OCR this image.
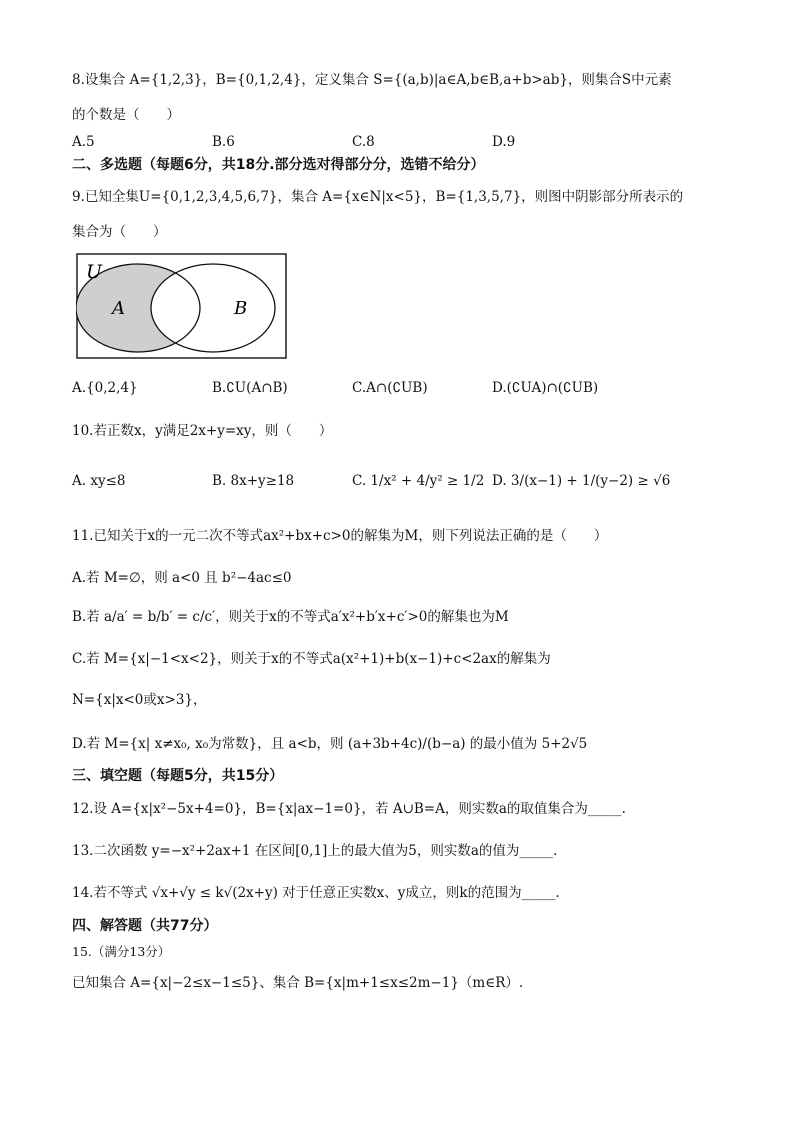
8.设集合 A={1,2,3}，B={0,1,2,4}，定义集合 S={(a,b)|a∈A,b∈B,a+b>ab}，则集合S中元素
的个数是（　　）
A.5	B.6	C.8	D.9
二、多选题（每题6分，共18分.部分选对得部分分，选错不给分）
9.已知全集U={0,1,2,3,4,5,6,7}，集合 A={x∈N|x<5}，B={1,3,5,7}，则图中阴影部分所表示的
集合为（　　）
U
A	B
A.{0,2,4}	B.∁U(A∩B)	C.A∩(∁UB)	D.(∁UA)∩(∁UB)
10.若正数x，y满足2x+y=xy，则（　　）
A. xy≤8	B. 8x+y≥18	C. 1/x² + 4/y² ≥ 1/2 D. 3/(x−1) + 1/(y−2) ≥ √6
11.已知关于x的一元二次不等式ax²+bx+c>0的解集为M，则下列说法正确的是（　　）
A.若 M=∅，则 a<0 且 b²−4ac≤0
B.若 a/a′ = b/b′ = c/c′，则关于x的不等式a′x²+b′x+c′>0的解集也为M
C.若 M={x|−1<x<2}，则关于x的不等式a(x²+1)+b(x−1)+c<2ax的解集为
N={x|x<0或x>3}，
D.若 M={x| x≠x₀, x₀为常数}，且 a<b，则 (a+3b+4c)/(b−a) 的最小值为 5+2√5
三、填空题（每题5分，共15分）
12.设 A={x|x²−5x+4=0}，B={x|ax−1=0}，若 A∪B=A，则实数a的取值集合为_____.
13.二次函数 y=−x²+2ax+1 在区间[0,1]上的最大值为5，则实数a的值为_____.
14.若不等式 √x+√y ≤ k√(2x+y) 对于任意正实数x、y成立，则k的范围为_____.
四、解答题（共77分）
15.（满分13分）
已知集合 A={x|−2≤x−1≤5}、集合 B={x|m+1≤x≤2m−1}（m∈R）.
